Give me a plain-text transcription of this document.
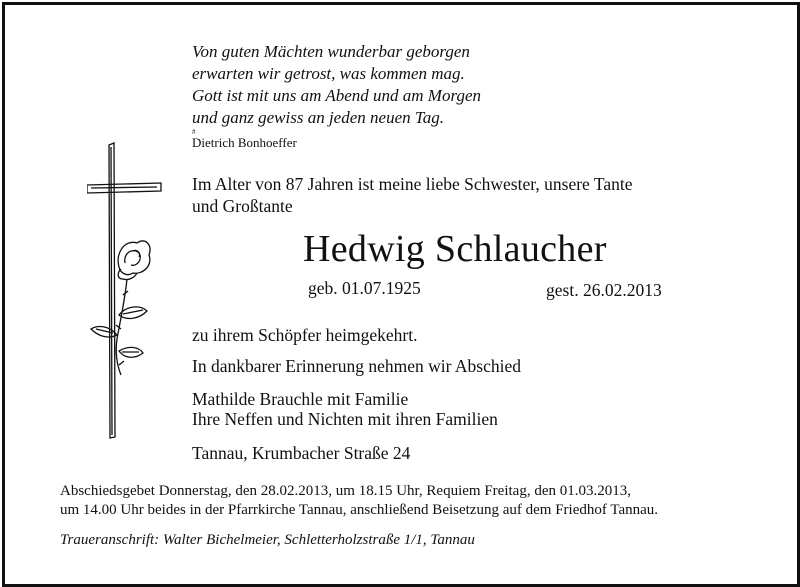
Von guten Mächten wunderbar geborgen
erwarten wir getrost, was kommen mag.
Gott ist mit uns am Abend und am Morgen
und ganz gewiss an jeden neuen Tag.
#
Dietrich Bonhoeffer
Im Alter von 87 Jahren ist meine liebe Schwester, unsere Tante
und Großtante
Hedwig Schlaucher
geb. 01.07.1925	gest. 26.02.2013
zu ihrem Schöpfer heimgekehrt.
In dankbarer Erinnerung nehmen wir Abschied
Mathilde Brauchle mit Familie
Ihre Neffen und Nichten mit ihren Familien
Tannau, Krumbacher Straße 24
Abschiedsgebet Donnerstag, den 28.02.2013, um 18.15 Uhr, Requiem Freitag, den 01.03.2013,
um 14.00 Uhr beides in der Pfarrkirche Tannau, anschließend Beisetzung auf dem Friedhof Tannau.
Traueranschrift: Walter Bichelmeier, Schletterholzstraße 1/1, Tannau
